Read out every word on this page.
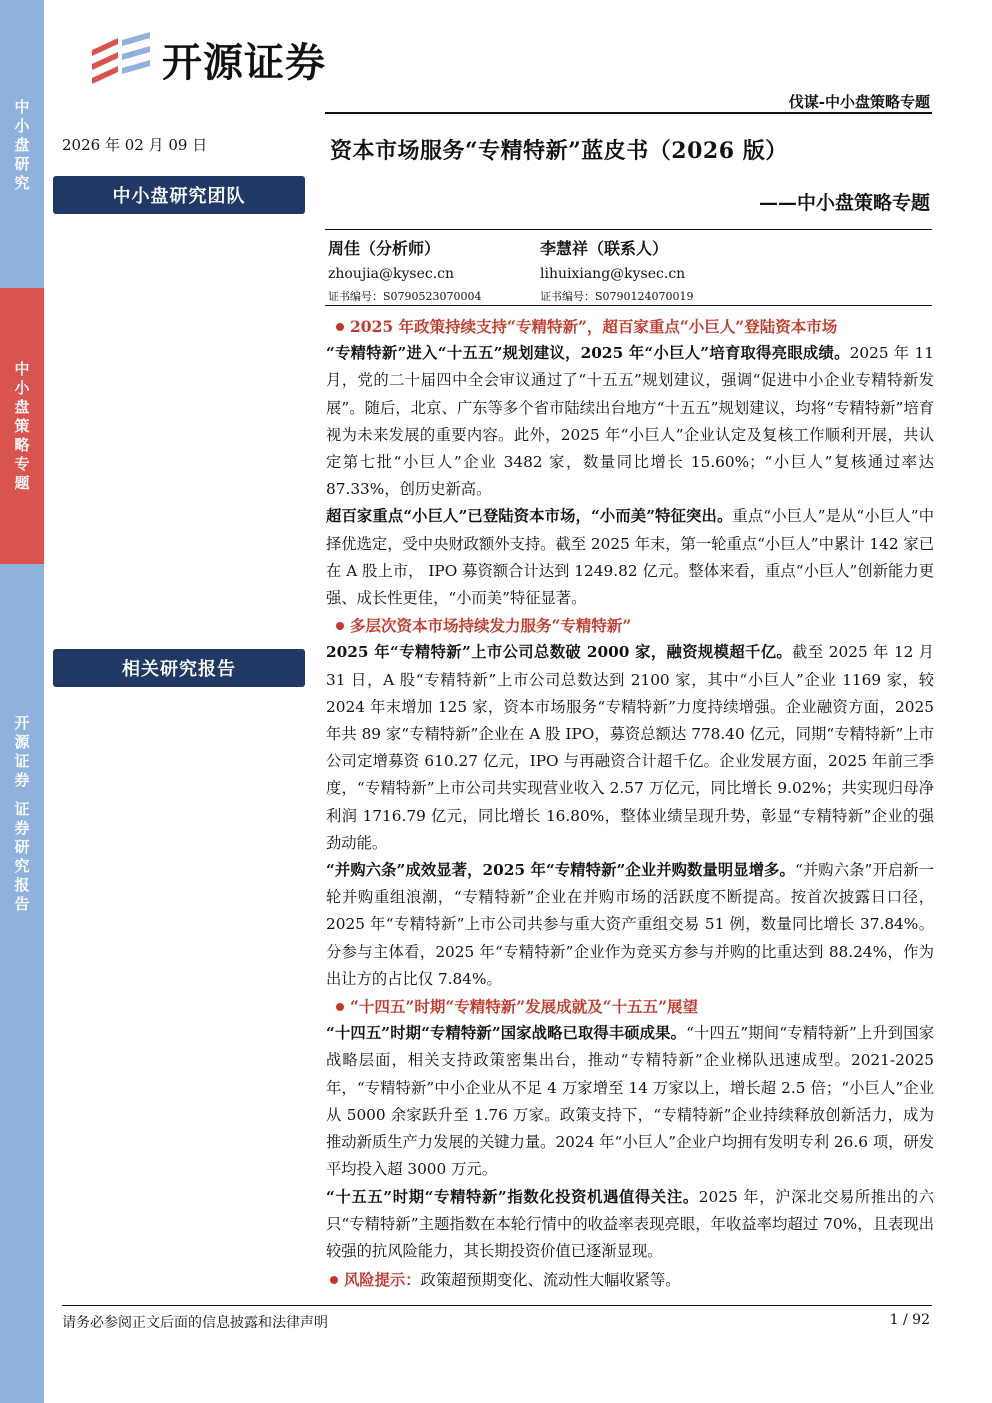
中
小
盘
研
究
中
小
盘
策
略
专
题
开
源
证
券
证
券
研
究
报
告
开源证券
伐谋-中小盘策略专题
2026 年 02 月 09 日
中小盘研究团队
相关研究报告
资本市场服务“专精特新”蓝皮书（2026 版）
——中小盘策略专题
周佳（分析师）
zhoujia@kysec.cn
证书编号：S0790523070004
李慧祥（联系人）
lihuixiang@kysec.cn
证书编号：S0790124070019
2025 年政策持续支持“专精特新”，超百家重点“小巨人”登陆资本市场
“专精特新”进入“十五五”规划建议，2025 年“小巨人”培育取得亮眼成绩。2025 年 11 月，党的二十届四中全会审议通过了“十五五”规划建议，强调“促进中小企业专精特新发展”。随后，北京、广东等多个省市陆续出台地方“十五五”规划建议，均将“专精特新”培育视为未来发展的重要内容。此外，2025 年“小巨人”企业认定及复核工作顺利开展，共认定第七批“小巨人”企业 3482 家，数量同比增长 15.60%；“小巨人”复核通过率达 87.33%，创历史新高。
超百家重点“小巨人”已登陆资本市场，“小而美”特征突出。重点“小巨人”是从“小巨人”中择优选定，受中央财政额外支持。截至 2025 年末，第一轮重点“小巨人”中累计 142 家已在 A 股上市， IPO 募资额合计达到 1249.82 亿元。整体来看，重点“小巨人”创新能力更强、成长性更佳，“小而美”特征显著。
多层次资本市场持续发力服务“专精特新”
2025 年“专精特新”上市公司总数破 2000 家，融资规模超千亿。截至 2025 年 12 月 31 日，A 股“专精特新”上市公司总数达到 2100 家，其中“小巨人”企业 1169 家，较 2024 年末增加 125 家，资本市场服务“专精特新”力度持续增强。企业融资方面，2025 年共 89 家“专精特新”企业在 A 股 IPO，募资总额达 778.40 亿元，同期“专精特新”上市公司定增募资 610.27 亿元，IPO 与再融资合计超千亿。企业发展方面，2025 年前三季度，“专精特新”上市公司共实现营业收入 2.57 万亿元，同比增长 9.02%；共实现归母净利润 1716.79 亿元，同比增长 16.80%，整体业绩呈现升势，彰显“专精特新”企业的强劲动能。
“并购六条”成效显著，2025 年“专精特新”企业并购数量明显增多。“并购六条”开启新一轮并购重组浪潮，“专精特新”企业在并购市场的活跃度不断提高。按首次披露日口径，2025 年“专精特新”上市公司共参与重大资产重组交易 51 例，数量同比增长 37.84%。分参与主体看，2025 年“专精特新”企业作为竞买方参与并购的比重达到 88.24%，作为出让方的占比仅 7.84%。
“十四五”时期“专精特新”发展成就及“十五五”展望
“十四五”时期“专精特新”国家战略已取得丰硕成果。“十四五”期间“专精特新”上升到国家战略层面，相关支持政策密集出台，推动“专精特新”企业梯队迅速成型。2021-2025 年，“专精特新”中小企业从不足 4 万家增至 14 万家以上，增长超 2.5 倍；“小巨人”企业从 5000 余家跃升至 1.76 万家。政策支持下，“专精特新”企业持续释放创新活力，成为推动新质生产力发展的关键力量。2024 年“小巨人”企业户均拥有发明专利 26.6 项，研发平均投入超 3000 万元。
“十五五”时期“专精特新”指数化投资机遇值得关注。2025 年，沪深北交易所推出的六只“专精特新”主题指数在本轮行情中的收益率表现亮眼，年收益率均超过 70%，且表现出较强的抗风险能力，其长期投资价值已逐渐显现。
风险提示：政策超预期变化、流动性大幅收紧等。
请务必参阅正文后面的信息披露和法律声明	1 / 92
